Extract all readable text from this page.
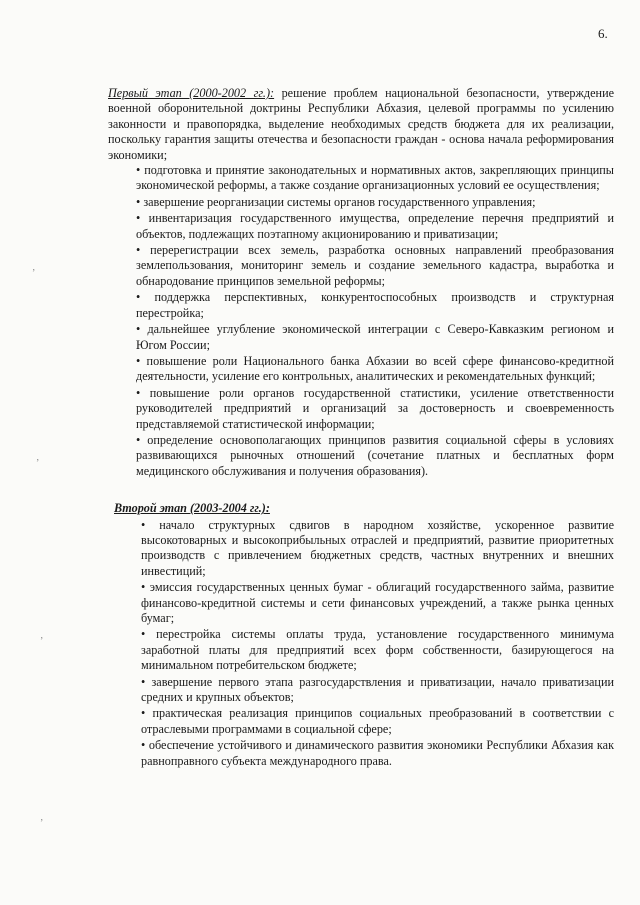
6.
ʼ
ʼ
ʼ
ʼ

Первый этап (2000-2002 гг.): решение проблем национальной безопасности, утверждение военной оборонительной доктрины Республики Абхазия, целевой программы по усилению законности и правопорядка, выделение необходимых средств бюджета для их реализации, поскольку гарантия защиты отечества и безопасности граждан - основа начала реформирования экономики;

• подготовка и принятие законодательных и нормативных актов, закрепляющих принципы экономической реформы, а также создание организационных условий ее осуществления;
• завершение реорганизации системы органов государственного управления;
• инвентаризация государственного имущества, определение перечня предприятий и объектов, подлежащих поэтапному акционированию и приватизации;
• перерегистрации всех земель, разработка основных направлений преобразования землепользования, мониторинг земель и создание земельного кадастра, выработка и обнародование принципов земельной реформы;
• поддержка перспективных, конкурентоспособных производств и структурная перестройка;
• дальнейшее углубление экономической интеграции с Северо-Кавказким регионом и Югом России;
• повышение роли Национального банка Абхазии во всей сфере финансово-кредитной деятельности, усиление его контрольных, аналитических и рекомендательных функций;
• повышение роли органов государственной статистики, усиление ответственности руководителей предприятий и организаций за достоверность и своевременность представляемой статистической информации;
• определение основополагающих принципов развития социальной сферы в условиях развивающихся рыночных отношений (сочетание платных и бесплатных форм медицинского обслуживания и получения образования).
Второй этап (2003-2004 гг.):
• начало структурных сдвигов в народном хозяйстве, ускоренное развитие высокотоварных и высокоприбыльных отраслей и предприятий, развитие приоритетных производств с привлечением бюджетных средств, частных внутренних и внешних инвестиций;
• эмиссия государственных ценных бумаг - облигаций государственного займа, развитие финансово-кредитной системы и сети финансовых учреждений, а также рынка ценных бумаг;
• перестройка системы оплаты труда, установление государственного минимума заработной платы для предприятий всех форм собственности, базирующегося на минимальном потребительском бюджете;
• завершение первого этапа разгосударствления и приватизации, начало приватизации средних и крупных объектов;
• практическая реализация принципов социальных преобразований в соответствии с отраслевыми программами в социальной сфере;
• обеспечение устойчивого и динамического развития экономики Республики Абхазия как равноправного субъекта международного права.
